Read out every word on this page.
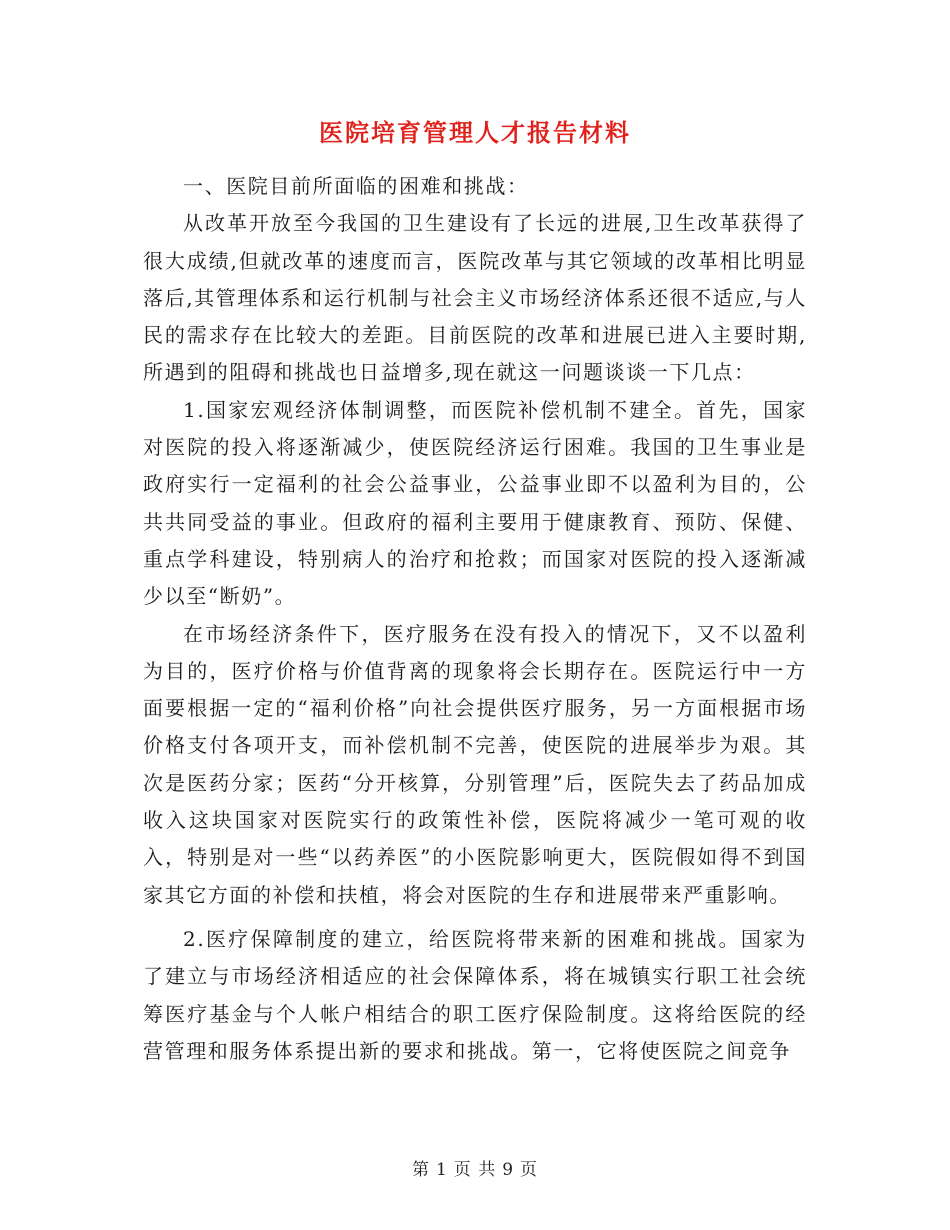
医院培育管理人才报告材料

一、医院目前所面临的困难和挑战：

从改革开放至今我国的卫生建设有了长远的进展,卫生改革获得了很大成绩,但就改革的速度而言，医院改革与其它领域的改革相比明显落后,其管理体系和运行机制与社会主义市场经济体系还很不适应,与人民的需求存在比较大的差距。目前医院的改革和进展已进入主要时期,所遇到的阻碍和挑战也日益增多,现在就这一问题谈谈一下几点：

1.国家宏观经济体制调整，而医院补偿机制不建全。首先，国家对医院的投入将逐渐减少，使医院经济运行困难。我国的卫生事业是政府实行一定福利的社会公益事业，公益事业即不以盈利为目的，公共共同受益的事业。但政府的福利主要用于健康教育、预防、保健、重点学科建设，特别病人的治疗和抢救；而国家对医院的投入逐渐减少以至“断奶”。

在市场经济条件下，医疗服务在没有投入的情况下，又不以盈利为目的，医疗价格与价值背离的现象将会长期存在。医院运行中一方面要根据一定的“福利价格”向社会提供医疗服务，另一方面根据市场价格支付各项开支，而补偿机制不完善，使医院的进展举步为艰。其次是医药分家；医药“分开核算，分别管理”后，医院失去了药品加成收入这块国家对医院实行的政策性补偿，医院将减少一笔可观的收入，特别是对一些“以药养医”的小医院影响更大，医院假如得不到国家其它方面的补偿和扶植，将会对医院的生存和进展带来严重影响。

2.医疗保障制度的建立，给医院将带来新的困难和挑战。国家为了建立与市场经济相适应的社会保障体系，将在城镇实行职工社会统筹医疗基金与个人帐户相结合的职工医疗保险制度。这将给医院的经营管理和服务体系提出新的要求和挑战。第一，它将使医院之间竞争

第 1 页 共 9 页
